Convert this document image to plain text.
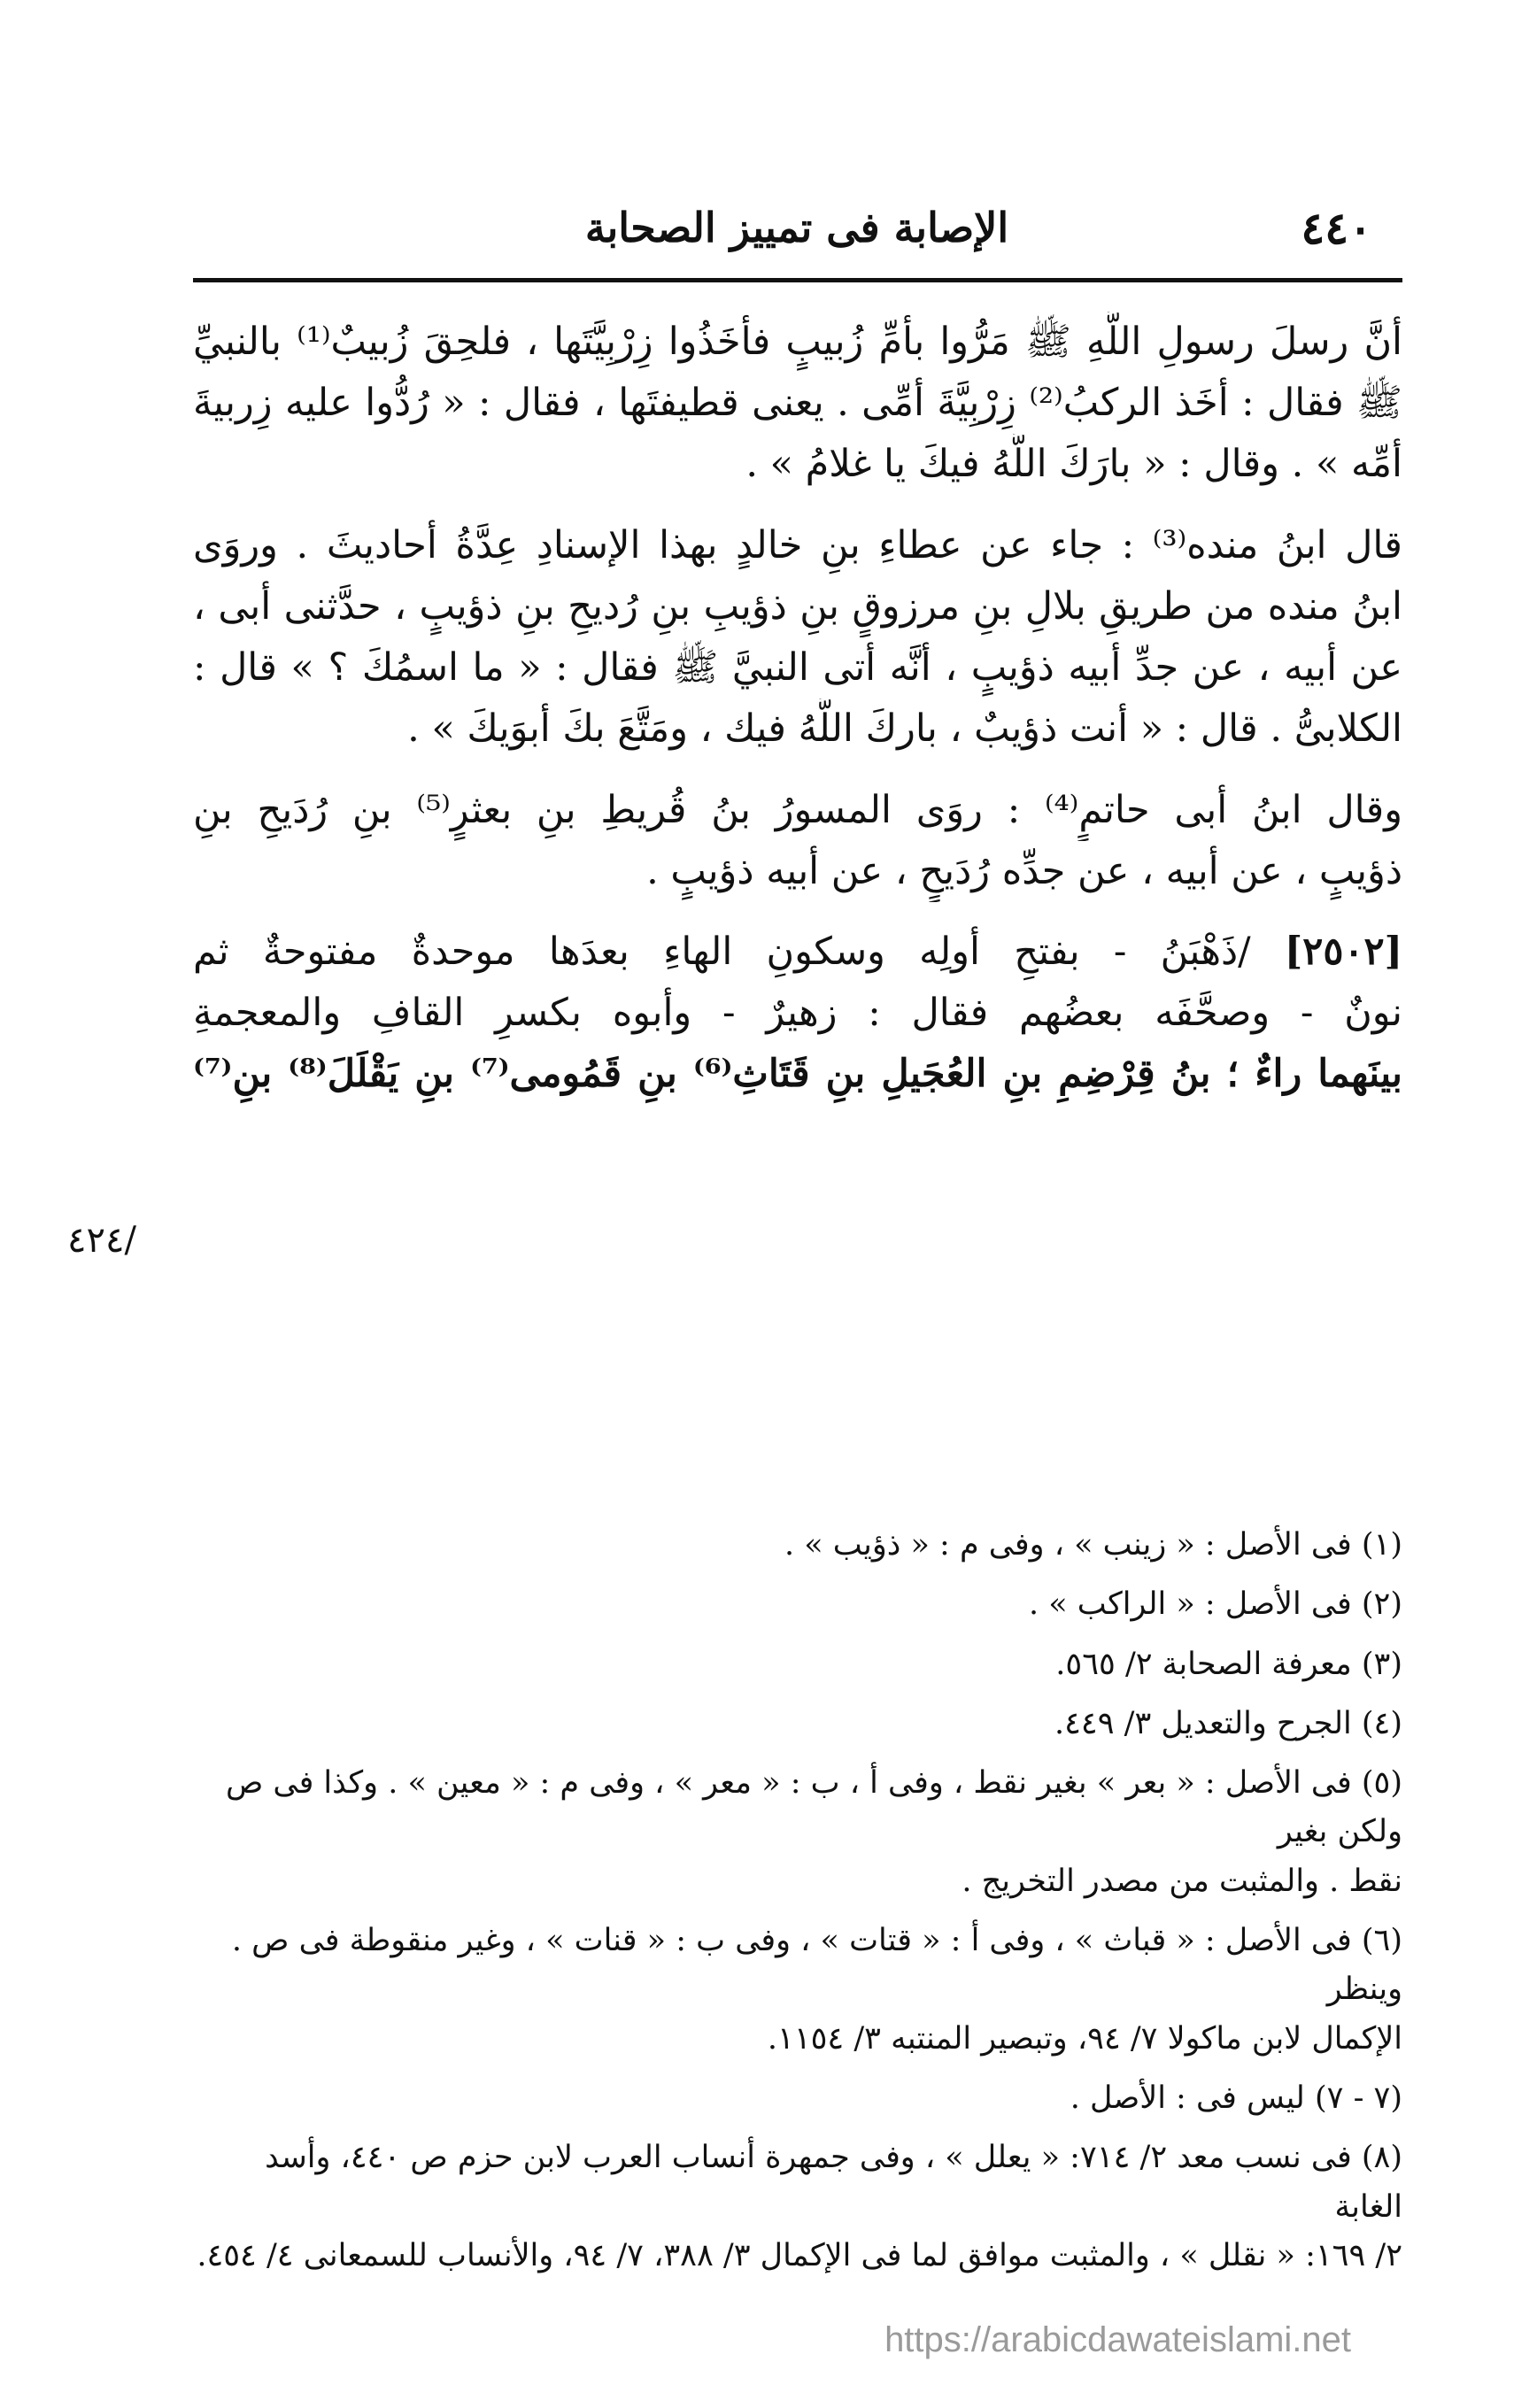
٤٤٠
الإصابة فى تمييز الصحابة
أنَّ رسلَ رسولِ اللَّهِ ﷺ مَرُّوا بأمِّ زُبيبٍ فأخَذُوا زِرْبِيَّتَها ، فلحِقَ زُبيبٌ⁽¹⁾ بالنبيِّ
ﷺ فقال : أخَذ الركبُ⁽²⁾ زِرْبِيَّةَ أمِّى . يعنى قطيفتَها ، فقال : « رُدُّوا عليه زِربيةَ
أمِّه » . وقال : « بارَكَ اللَّهُ فيكَ يا غلامُ » .
قال ابنُ منده⁽³⁾ : جاء عن عطاءِ بنِ خالدٍ بهذا الإسنادِ عِدَّةُ أحاديثَ . وروَى
ابنُ منده من طريقِ بلالِ بنِ مرزوقٍ بنِ ذؤيبِ بنِ رُديحِ بنِ ذؤيبٍ ، حدَّثنى أبى ،
عن أبيه ، عن جدِّ أبيه ذؤيبٍ ، أنَّه أتى النبيَّ ﷺ فقال : « ما اسمُكَ ؟ » قال :
الكلابىُّ . قال : « أنت ذؤيبٌ ، باركَ اللَّهُ فيك ، ومَتَّعَ بكَ أبوَيكَ » .
وقال ابنُ أبى حاتمٍ⁽⁴⁾ : روَى المسورُ بنُ قُريطِ بنِ بعثرٍ⁽⁵⁾ بنِ رُدَيحِ بنِ
ذؤيبٍ ، عن أبيه ، عن جدِّه رُدَيحٍ ، عن أبيه ذؤيبٍ .
[٢٥٠٢] /ذَهْبَنُ - بفتحِ أولِه وسكونِ الهاءِ بعدَها موحدةٌ مفتوحةٌ ثم
نونٌ - وصحَّفَه بعضُهم فقال : زهيرٌ - وأبوه بكسرِ القافِ والمعجمةِ
بينَهما راءٌ ؛ بنُ قِرْضِمِ بنِ العُجَيلِ بنِ قَتَاثِ⁽⁶⁾ بنِ قَمُومى⁽⁷⁾ بنِ يَقْلَلَ⁽⁸⁾ بنِ⁽⁷⁾
/٤٢٤
(١) فى الأصل : « زينب » ، وفى م : « ذؤيب » .
(٢) فى الأصل : « الراكب » .
(٣) معرفة الصحابة ٢/ ٥٦٥.
(٤) الجرح والتعديل ٣/ ٤٤٩.
(٥) فى الأصل : « بعر » بغير نقط ، وفى أ ، ب : « معر » ، وفى م : « معين » . وكذا فى ص ولكن بغير
نقط . والمثبت من مصدر التخريج .
(٦) فى الأصل : « قباث » ، وفى أ : « قتات » ، وفى ب : « قنات » ، وغير منقوطة فى ص . وينظر
الإكمال لابن ماكولا ٧/ ٩٤، وتبصير المنتبه ٣/ ١١٥٤.
(٧ - ٧) ليس فى : الأصل .
(٨) فى نسب معد ٢/ ٧١٤: « يعلل » ، وفى جمهرة أنساب العرب لابن حزم ص ٤٤٠، وأسد الغابة
٢/ ١٦٩: « نقلل » ، والمثبت موافق لما فى الإكمال ٣/ ٣٨٨، ٧/ ٩٤، والأنساب للسمعانى ٤/ ٤٥٤.
https://arabicdawateislami.net
